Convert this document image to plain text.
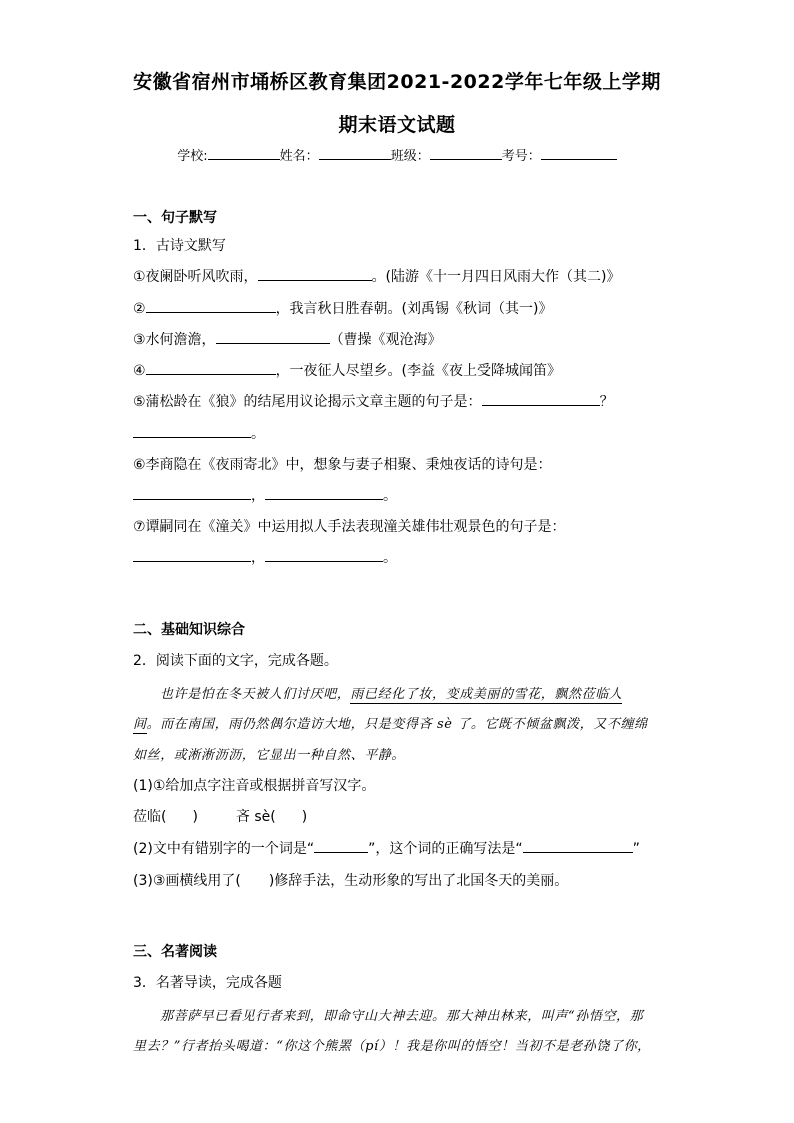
安徽省宿州市埇桥区教育集团2021-2022学年七年级上学期
期末语文试题
学校:	姓名：	班级：	考号：
一、句子默写
1．古诗文默写
①夜阑卧听风吹雨，	。(陆游《十一月四日风雨大作（其二)》
②	，我言秋日胜春朝。(刘禹锡《秋词（其一)》
③水何澹澹，	（曹操《观沧海》
④	，一夜征人尽望乡。(李益《夜上受降城闻笛》
⑤蒲松龄在《狼》的结尾用议论揭示文章主题的句子是：	？
。
⑥李商隐在《夜雨寄北》中，想象与妻子相聚、秉烛夜话的诗句是：
，	。
⑦谭嗣同在《潼关》中运用拟人手法表现潼关雄伟壮观景色的句子是：
，	。
二、基础知识综合
2．阅读下面的文字，完成各题。
也许是怕在冬天被人们讨厌吧，雨已经化了妆，变成美丽的雪花，飘然莅临人
间。而在南国，雨仍然偶尔造访大地，只是变得吝 sè 了。它既不倾盆飘泼，又不缠绵
如丝，或淅淅沥沥，它显出一种自然、平静。
(1)①给加点字注音或根据拼音写汉字。
莅临( )	吝 sè( )
(2)文中有错别字的一个词是“	”，这个词的正确写法是“	”
(3)③画横线用了( )修辞手法，生动形象的写出了北国冬天的美丽。
三、名著阅读
3．名著导读，完成各题
那菩萨早已看见行者来到，即命守山大神去迎。那大神出林来，叫声“孙悟空，那
里去？”行者抬头喝道：“你这个熊罴（pí）！我是你叫的悟空！当初不是老孙饶了你，
